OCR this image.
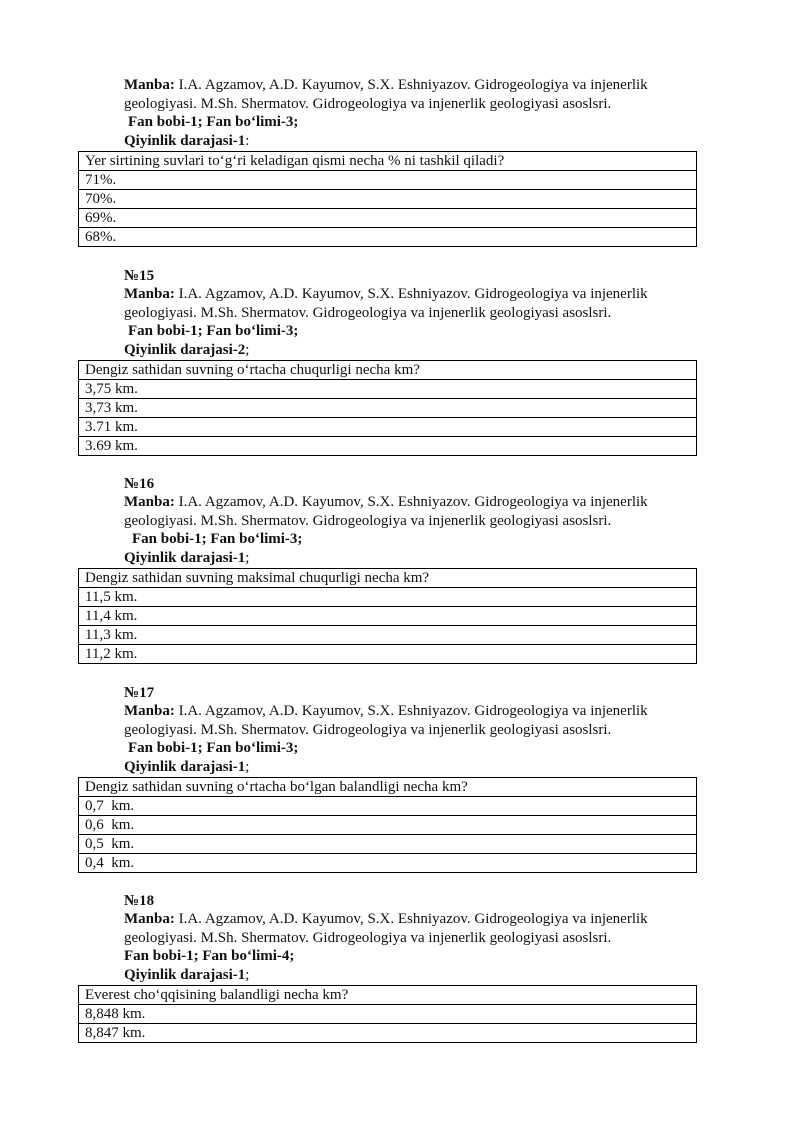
Manba: I.A. Agzamov, A.D. Kayumov, S.X. Eshniyazov. Gidrogeologiya va injenerlik
geologiyasi. M.Sh. Shermatov. Gidrogeologiya va injenerlik geologiyasi asoslsri.
Fan bobi-1; Fan bo‘limi-3;
Qiyinlik darajasi-1:
Yer sirtining suvlari to‘g‘ri keladigan qismi necha % ni tashkil qiladi?
71%.
70%.
69%.
68%.
№15
Manba: I.A. Agzamov, A.D. Kayumov, S.X. Eshniyazov. Gidrogeologiya va injenerlik
geologiyasi. M.Sh. Shermatov. Gidrogeologiya va injenerlik geologiyasi asoslsri.
Fan bobi-1; Fan bo‘limi-3;
Qiyinlik darajasi-2;
Dengiz sathidan suvning o‘rtacha chuqurligi necha km?
3,75 km.
3,73 km.
3.71 km.
3.69 km.
№16
Manba: I.A. Agzamov, A.D. Kayumov, S.X. Eshniyazov. Gidrogeologiya va injenerlik
geologiyasi. M.Sh. Shermatov. Gidrogeologiya va injenerlik geologiyasi asoslsri.
Fan bobi-1; Fan bo‘limi-3;
Qiyinlik darajasi-1;
Dengiz sathidan suvning maksimal chuqurligi necha km?
11,5 km.
11,4 km.
11,3 km.
11,2 km.
№17
Manba: I.A. Agzamov, A.D. Kayumov, S.X. Eshniyazov. Gidrogeologiya va injenerlik
geologiyasi. M.Sh. Shermatov. Gidrogeologiya va injenerlik geologiyasi asoslsri.
Fan bobi-1; Fan bo‘limi-3;
Qiyinlik darajasi-1;
Dengiz sathidan suvning o‘rtacha bo‘lgan balandligi necha km?
0,7  km.
0,6  km.
0,5  km.
0,4  km.
№18
Manba: I.A. Agzamov, A.D. Kayumov, S.X. Eshniyazov. Gidrogeologiya va injenerlik
geologiyasi. M.Sh. Shermatov. Gidrogeologiya va injenerlik geologiyasi asoslsri.
Fan bobi-1; Fan bo‘limi-4;
Qiyinlik darajasi-1;
Everest cho‘qqisining balandligi necha km?
8,848 km.
8,847 km.
